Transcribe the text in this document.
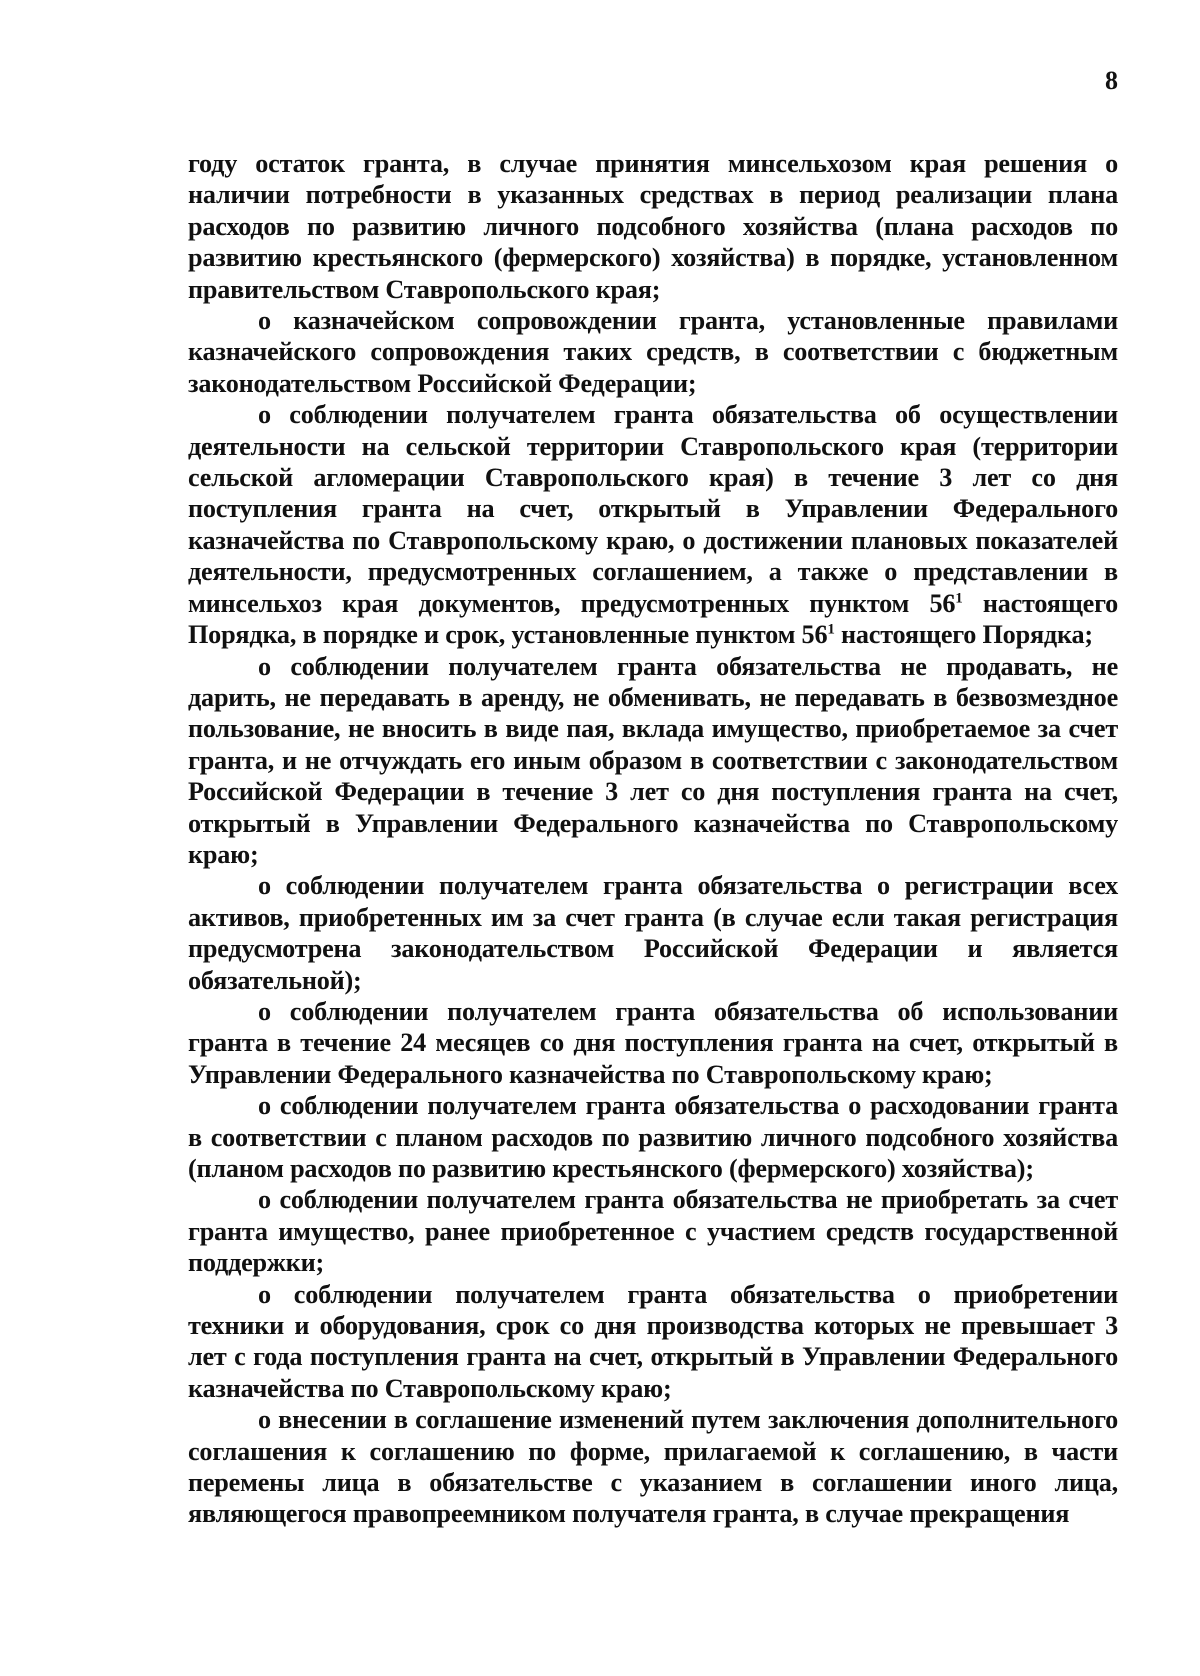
8

году остаток гранта, в случае принятия минсельхозом края решения о наличии потребности в указанных средствах в период реализации плана расходов по развитию личного подсобного хозяйства (плана расходов по развитию крестьянского (фермерского) хозяйства) в порядке, установленном правительством Ставропольского края;

о казначейском сопровождении гранта, установленные правилами казначейского сопровождения таких средств, в соответствии с бюджетным законодательством Российской Федерации;

о соблюдении получателем гранта обязательства об осуществлении деятельности на сельской территории Ставропольского края (территории сельской агломерации Ставропольского края) в течение 3 лет со дня поступления гранта на счет, открытый в Управлении Федерального казначейства по Ставропольскому краю, о достижении плановых показателей деятельности, предусмотренных соглашением, а также о представлении в минсельхоз края документов, предусмотренных пунктом $56^1$ настоящего Порядка, в порядке и срок, установленные пунктом $56^1$ настоящего Порядка;

о соблюдении получателем гранта обязательства не продавать, не дарить, не передавать в аренду, не обменивать, не передавать в безвозмездное пользование, не вносить в виде пая, вклада имущество, приобретаемое за счет гранта, и не отчуждать его иным образом в соответствии с законодательством Российской Федерации в течение 3 лет со дня поступления гранта на счет, открытый в Управлении Федерального казначейства по Ставропольскому краю;

о соблюдении получателем гранта обязательства о регистрации всех активов, приобретенных им за счет гранта (в случае если такая регистрация предусмотрена законодательством Российской Федерации и является обязательной);

о соблюдении получателем гранта обязательства об использовании гранта в течение 24 месяцев со дня поступления гранта на счет, открытый в Управлении Федерального казначейства по Ставропольскому краю;

о соблюдении получателем гранта обязательства о расходовании гранта в соответствии с планом расходов по развитию личного подсобного хозяйства (планом расходов по развитию крестьянского (фермерского) хозяйства);

о соблюдении получателем гранта обязательства не приобретать за счет гранта имущество, ранее приобретенное с участием средств государственной поддержки;

о соблюдении получателем гранта обязательства о приобретении техники и оборудования, срок со дня производства которых не превышает 3 лет с года поступления гранта на счет, открытый в Управлении Федерального казначейства по Ставропольскому краю;

о внесении в соглашение изменений путем заключения дополнительного соглашения к соглашению по форме, прилагаемой к соглашению, в части перемены лица в обязательстве с указанием в соглашении иного лица, являющегося правопреемником получателя гранта, в случае прекращения
